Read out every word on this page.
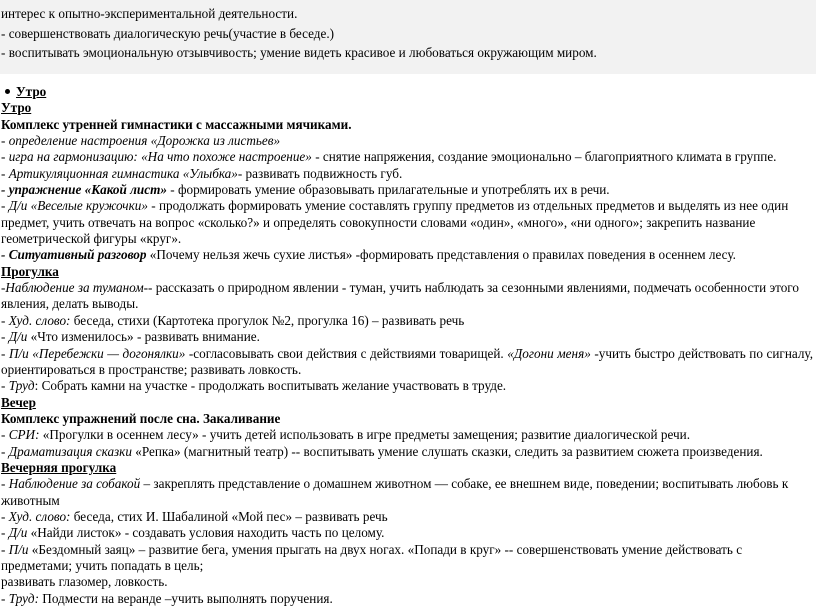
интерес к опытно-экспериментальной деятельности.
- совершенствовать диалогическую речь(участие в беседе.)
- воспитывать эмоциональную отзывчивость; умение видеть красивое и любоваться окружающим миром.

Утро

Утро

Комплекс утренней гимнастики с массажными мячиками.

- определение настроения «Дорожка из листьев»

- игра на гармонизацию: «На что похоже настроение» - снятие напряжения, создание эмоционально – благоприятного климата в группе.

- Артикуляционная гимнастика «Улыбка»- развивать подвижность губ.

- упражнение «Какой лист» - формировать умение образовывать прилагательные и употреблять их в речи.

- Д/и «Веселые кружочки» - продолжать формировать умение составлять группу предметов из отдельных предметов и выделять из нее один предмет, учить отвечать на вопрос «сколько?» и определять совокупности словами «один», «много», «ни одного»; закрепить название геометрической фигуры «круг».

- Ситуативный разговор «Почему нельзя жечь сухие листья» -формировать представления о правилах поведения в осеннем лесу.

Прогулка

-Наблюдение за туманом-- рассказать о природном явлении - туман, учить наблюдать за сезонными явлениями, подмечать особенности этого явления, делать выводы.

- Худ. слово: беседа, стихи (Картотека прогулок №2, прогулка 16) – развивать речь

- Д/и «Что изменилось» - развивать внимание.

- П/и «Перебежки — догонялки» -согласовывать свои действия с действиями товарищей. «Догони меня» -учить быстро действовать по сигналу, ориентироваться в пространстве; развивать ловкость.

- Труд: Собрать камни на участке - продолжать воспитывать желание участвовать в труде.

Вечер

Комплекс упражнений после сна. Закаливание

- СРИ: «Прогулки в осеннем лесу» - учить детей использовать в игре предметы замещения; развитие диалогической речи.

- Драматизация сказки «Репка» (магнитный театр) -- воспитывать умение слушать сказки, следить за развитием сюжета произведения.

Вечерняя прогулка

- Наблюдение за собакой – закреплять представление о домашнем животном — собаке, ее внешнем виде, поведении; воспитывать любовь к животным

- Худ. слово: беседа, стих И. Шабалиной «Мой пес» – развивать речь

- Д/и «Найди листок» - создавать условия находить часть по целому.

- П/и «Бездомный заяц» – развитие бега, умения прыгать на двух ногах. «Попади в круг» -- совершенствовать умение действовать с предметами; учить попадать в цель;

развивать глазомер, ловкость.

- Труд: Подмести на веранде –учить выполнять поручения.
